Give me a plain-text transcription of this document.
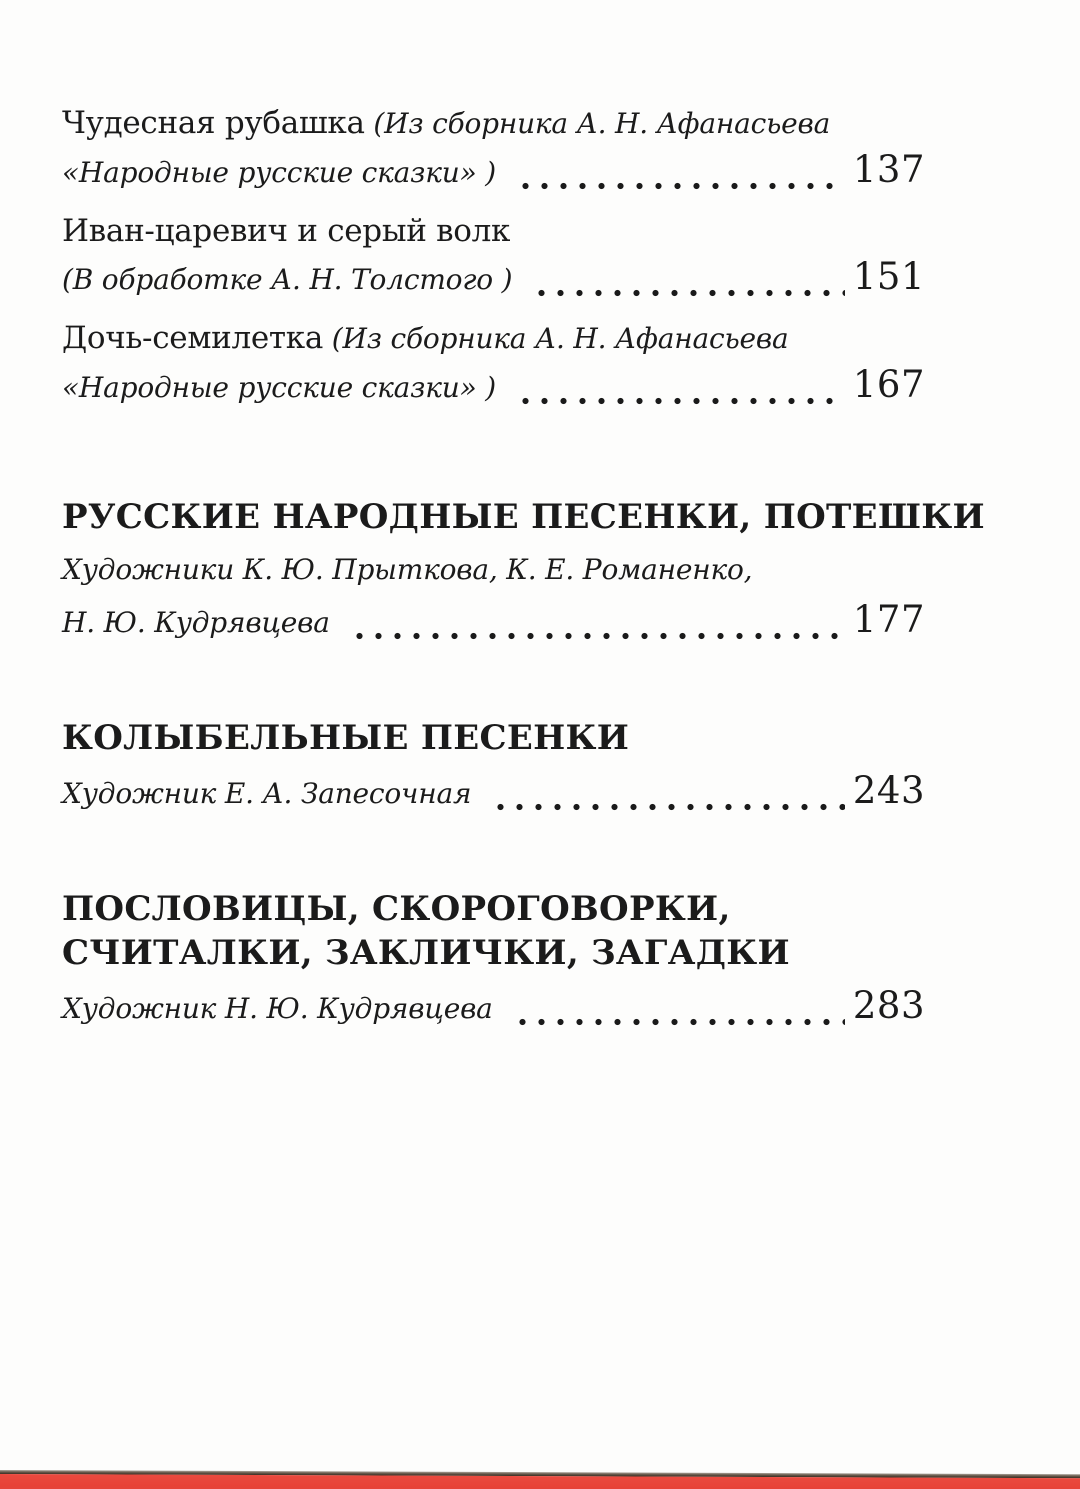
Чудесная рубашка (Из сборника А. Н. Афанасьева
«Народные русские сказки» )	137
Иван-царевич и серый волк
(В обработке А. Н. Толстого )	151
Дочь-семилетка (Из сборника А. Н. Афанасьева
«Народные русские сказки» )	167
РУССКИЕ НАРОДНЫЕ ПЕСЕНКИ, ПОТЕШКИ
Художники К. Ю. Прыткова, К. Е. Романенко,
Н. Ю. Кудрявцева	177
КОЛЫБЕЛЬНЫЕ ПЕСЕНКИ
Художник Е. А. Запесочная	243
ПОСЛОВИЦЫ, СКОРОГОВОРКИ,
СЧИТАЛКИ, ЗАКЛИЧКИ, ЗАГАДКИ
Художник Н. Ю. Кудрявцева	283
